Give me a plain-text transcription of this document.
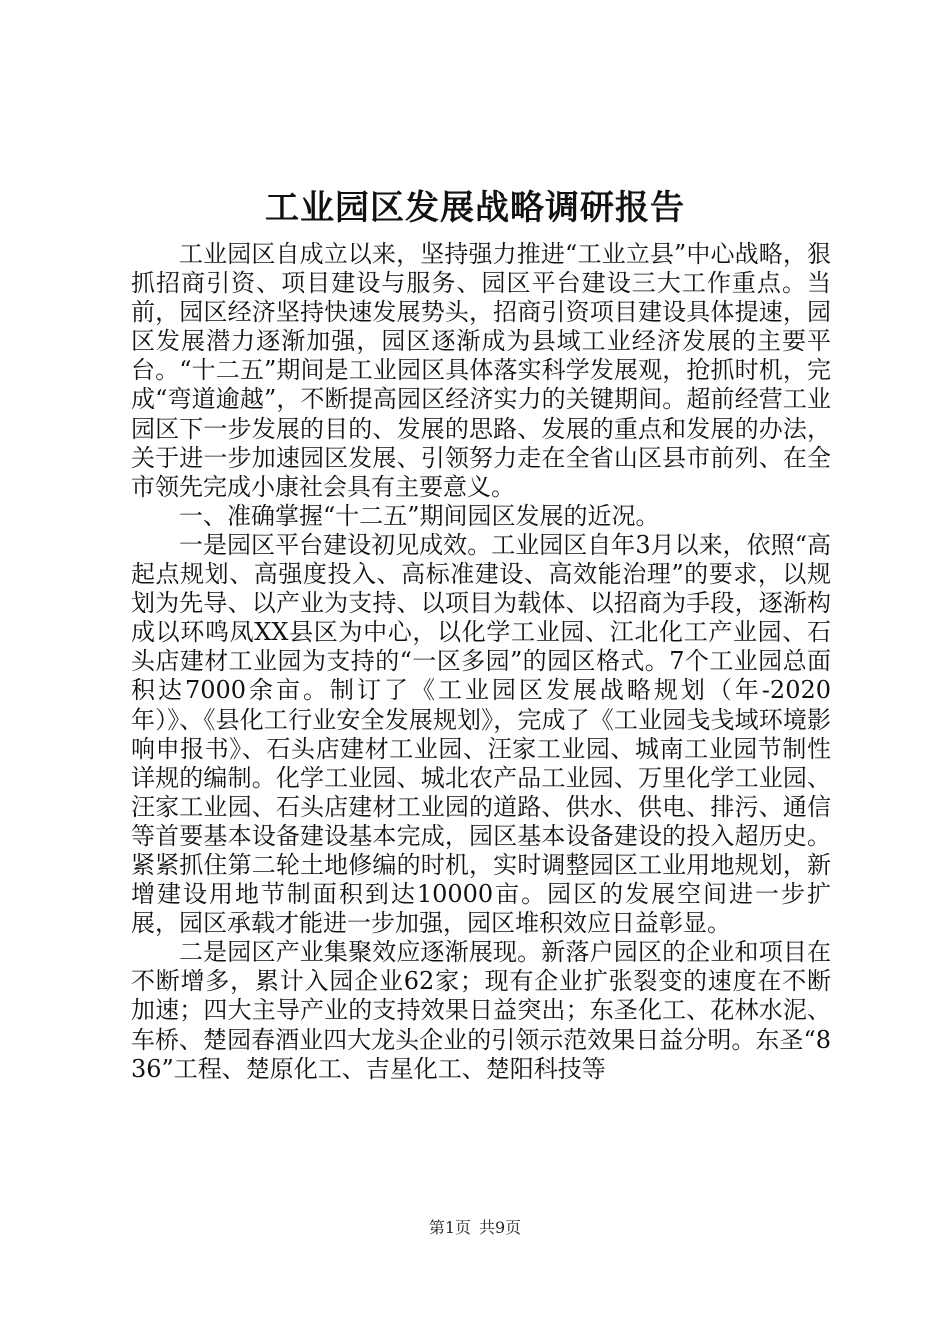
工业园区发展战略调研报告

工业园区自成立以来，坚持强力推进“工业立县”中心战略，狠抓招商引资、项目建设与服务、园区平台建设三大工作重点。当前，园区经济坚持快速发展势头，招商引资项目建设具体提速，园区发展潜力逐渐加强，园区逐渐成为县域工业经济发展的主要平台。“十二五”期间是工业园区具体落实科学发展观，抢抓时机，完成“弯道逾越”，不断提高园区经济实力的关键期间。超前经营工业园区下一步发展的目的、发展的思路、发展的重点和发展的办法，关于进一步加速园区发展、引领努力走在全省山区县市前列、在全市领先完成小康社会具有主要意义。

一、准确掌握“十二五”期间园区发展的近况。

一是园区平台建设初见成效。工业园区自年3月以来，依照“高起点规划、高强度投入、高标准建设、高效能治理”的要求，以规划为先导、以产业为支持、以项目为载体、以招商为手段，逐渐构成以环鸣凤XX县区为中心，以化学工业园、江北化工产业园、石头店建材工业园为支持的“一区多园”的园区格式。7个工业园总面积达7000余亩。制订了《工业园区发展战略规划（年-2020年）》、《县化工行业安全发展规划》，完成了《工业园戋戋域环境影响申报书》、石头店建材工业园、汪家工业园、城南工业园节制性详规的编制。化学工业园、城北农产品工业园、万里化学工业园、汪家工业园、石头店建材工业园的道路、供水、供电、排污、通信等首要基本设备建设基本完成，园区基本设备建设的投入超历史。紧紧抓住第二轮土地修编的时机，实时调整园区工业用地规划，新增建设用地节制面积到达10000亩。园区的发展空间进一步扩展，园区承载才能进一步加强，园区堆积效应日益彰显。

二是园区产业集聚效应逐渐展现。新落户园区的企业和项目在不断增多，累计入园企业62家；现有企业扩张裂变的速度在不断加速；四大主导产业的支持效果日益突出；东圣化工、花林水泥、车桥、楚园春酒业四大龙头企业的引领示范效果日益分明。东圣“836”工程、楚原化工、吉星化工、楚阳科技等

第1页 共9页
